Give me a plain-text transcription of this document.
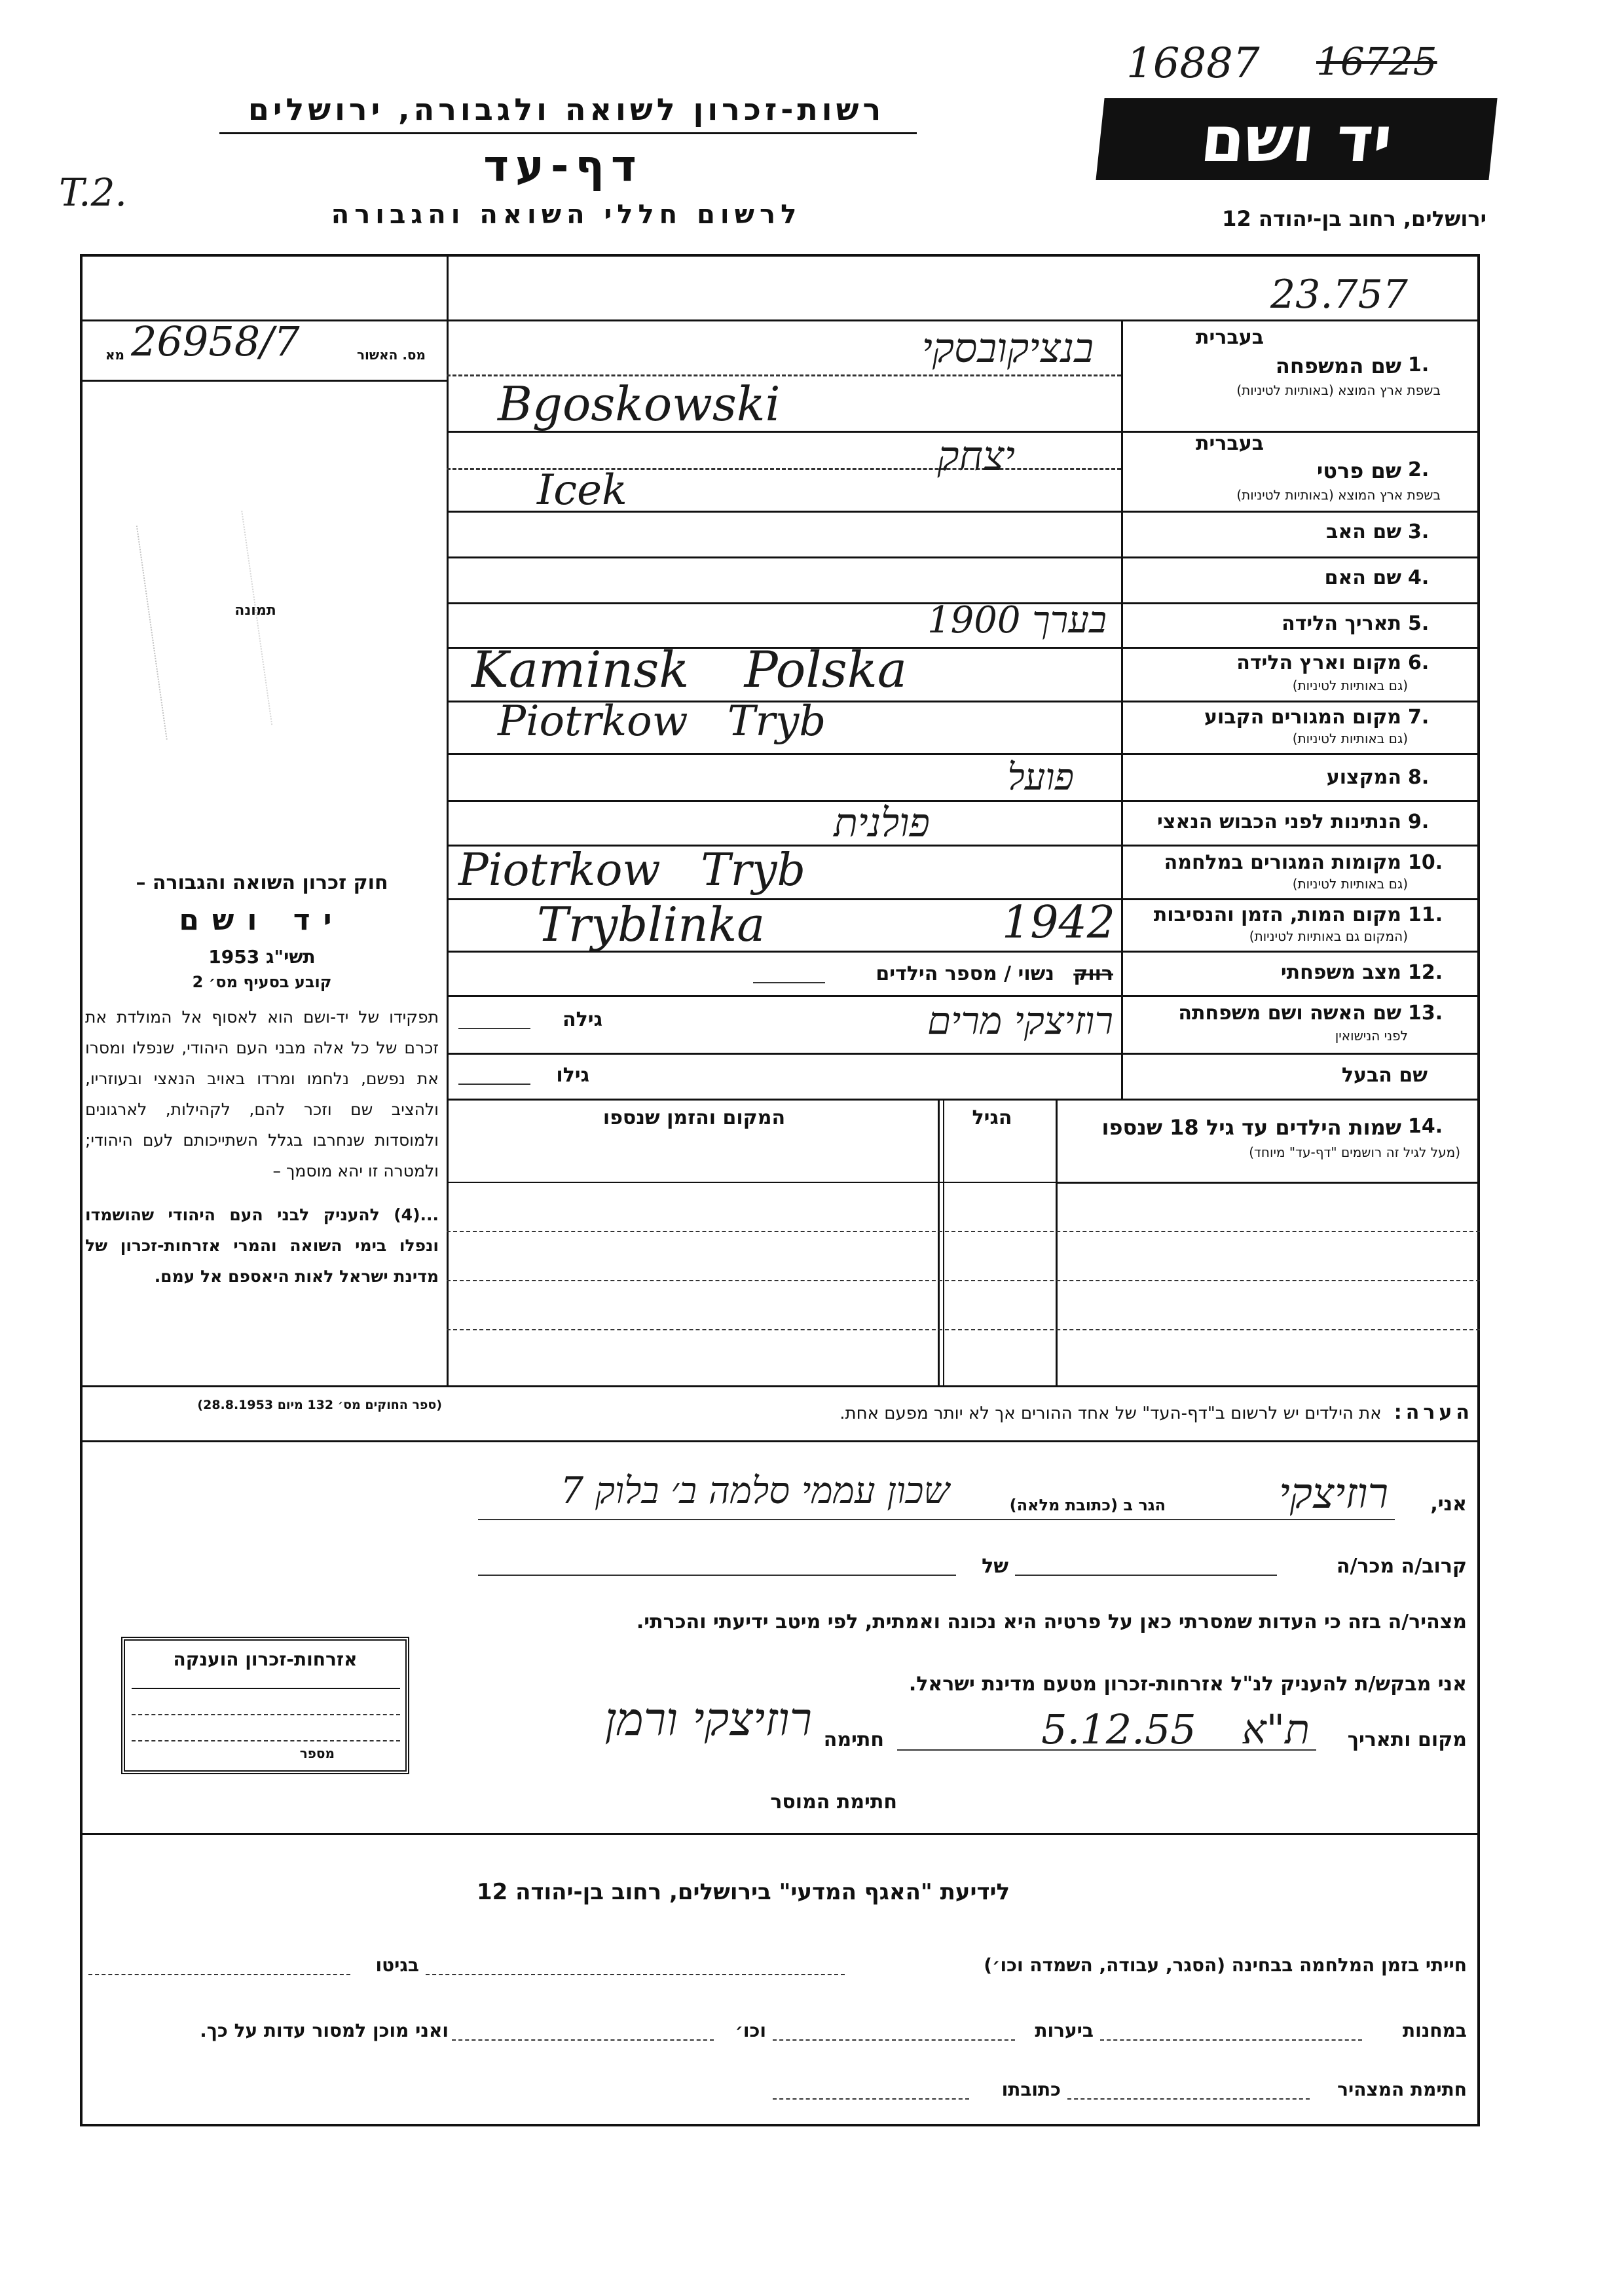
16887 16725
רשות-זכרון לשואה ולגבורה, ירושלים
דף-עד
לרשום חללי השואה והגבורה
T.2.
יד ושם
ירושלים, רחוב בן-יהודה 12
23.757
26958/7	מס. האשור
מא
תמונה
חוק זכרון השואה והגבורה –
יד ושם
תשי"ג 1953
קובע בסעיף מס׳ 2
תפקידו של יד-ושם הוא לאסוף אל המולדת את זכרם של כל אלה מבני העם היהודי, שנפלו ומסרו את נפשם, נלחמו ומרדו באויב הנאצי ובעוזריו, ולהציב שם וזכר להם, לקהילות, לארגונים ולמוסדות שנחרבו בגלל השתייכותם לעם היהודי; ולמטרה זו יהא מוסמך –
...(4) להעניק לבני העם היהודי שהושמדו ונפלו בימי השואה והמרי אזרחות-זכרון של מדינת ישראל לאות היאספם אל עמם.
(ספר החוקים מס׳ 132 מיום 28.8.1953)
בעברית
שם המשפחה 1.
בשפת ארץ המוצא (באותיות לטיניות)
בנציקובסקי
Bgoskowski
בעברית
שם פרטי 2.
בשפת ארץ המוצא (באותיות לטיניות)
יצחק
Icek
שם האב 3.
שם האם 4.
תאריך הלידה 5.
בערך 1900
מקום וארץ הלידה 6.
(גם באותיות לטיניות)
Kaminsk Polska
מקום המגורים הקבוע 7.
(גם באותיות לטיניות)
Piotrkow Tryb
המקצוע 8.
פועל
הנתינות לפני הכבוש הנאצי 9.
פולנית
מקומות המגורים במלחמה 10.
(גם באותיות לטיניות)
Piotrkow Tryb
מקום המות, הזמן והנסיבות 11.
(המקום גם באותיות לטיניות)
Tryblinka	1942
מצב משפחתי 12.
רווק
נשוי / מספר הילדים
שם האשה ושם משפחתה 13.
לפני הנישואין
רוזיצקי מרים
גילה
שם הבעל
גילו
שמות הילדים עד גיל 18 שנספו 14.
(מעל לגיל זה רושמים "דף-עד" מיוחד)
הגיל
המקום והזמן שנספו
הערה: את הילדים יש לרשום ב"דף-העד" של אחד ההורים אך לא יותר מפעם אחת.
אני,
רוזיצקי
הגר ב (כתובת מלאה)
שכון עממי סלמה ב׳ בלוק 7
קרוב/ה מכר/ה
של
מצהיר/ה בזה כי העדות שמסרתי כאן על פרטיה היא נכונה ואמתית, לפי מיטב ידיעתי והכרתי.
אני מבקש/ת להעניק לנ"ל אזרחות-זכרון מטעם מדינת ישראל.
מקום ותאריך
ת"א 5.12.55
חתימה
רוזיצקי ורמן
חתימת המוסר
אזרחות-זכרון הוענקה
מספר
לידיעת "האגף המדעי" בירושלים, רחוב בן-יהודה 12
חייתי בזמן המלחמה בבחינה (הסגר, עבודה, השמדה וכו׳)
בגיטו
במחנות
ביערות
וכו׳
ואני מוכן למסור עדות על כך.
חתימת המצהיר
כתובתו
